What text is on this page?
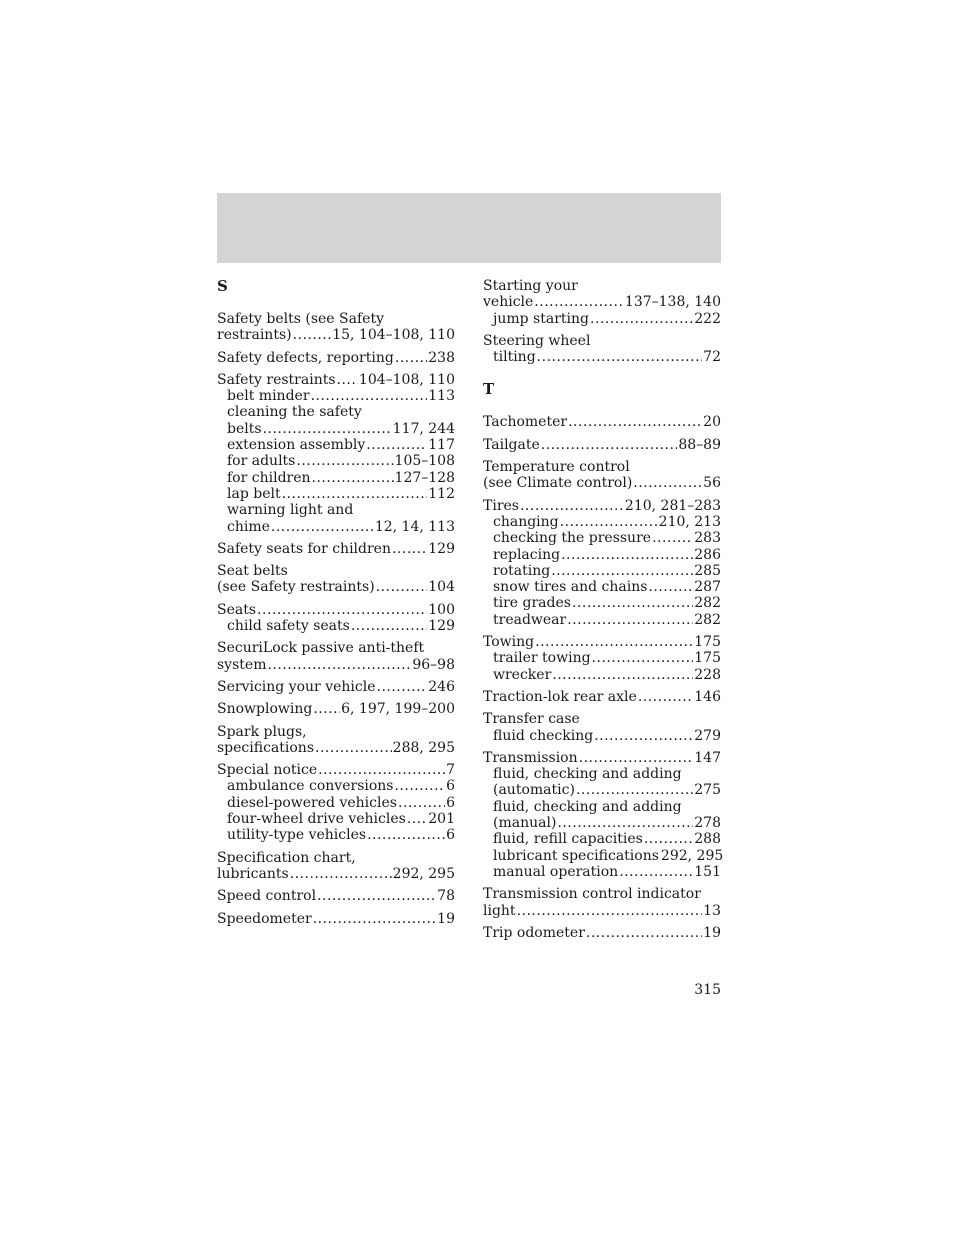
S
Safety belts (see Safety
restraints) .....	15, 104–108, 110
Safety defects, reporting ..... 238
Safety restraints ..... 104–108, 110
belt minder .....	113
cleaning the safety
belts .....	117, 244
extension assembly .....	117
for adults .....	105–108
for children .....	127–128
lap belt .....	112
warning light and
chime .....	12, 14, 113
Safety seats for children .....	129
Seat belts
(see Safety restraints) .....	104
Seats .....	100
child safety seats .....	129
SecuriLock passive anti-theft
system .....	96–98
Servicing your vehicle .....	246
Snowplowing ..... 6, 197, 199–200
Spark plugs,
specifications .....	288, 295
Special notice .....	7
ambulance conversions .....	6
diesel-powered vehicles .....	6
four-wheel drive vehicles ..... 201
utility-type vehicles .....	6
Specification chart,
lubricants .....	292, 295
Speed control .....	78
Speedometer .....	19
Starting your
vehicle .....	137–138, 140
jump starting .....	222
Steering wheel
tilting .....	72
T
Tachometer .....	20
Tailgate .....	88–89
Temperature control
(see Climate control) .....	56
Tires .....	210, 281–283
changing .....	210, 213
checking the pressure .....	283
replacing .....	286
rotating .....	285
snow tires and chains .....	287
tire grades .....	282
treadwear .....	282
Towing .....	175
trailer towing .....	175
wrecker .....	228
Traction-lok rear axle .....	146
Transfer case
fluid checking .....	279
Transmission .....	147
fluid, checking and adding
(automatic) .....	275
fluid, checking and adding
(manual) .....	278
fluid, refill capacities .....	288
lubricant specifications 292, 295
manual operation .....	151
Transmission control indicator
light .....	13
Trip odometer .....	19
315
